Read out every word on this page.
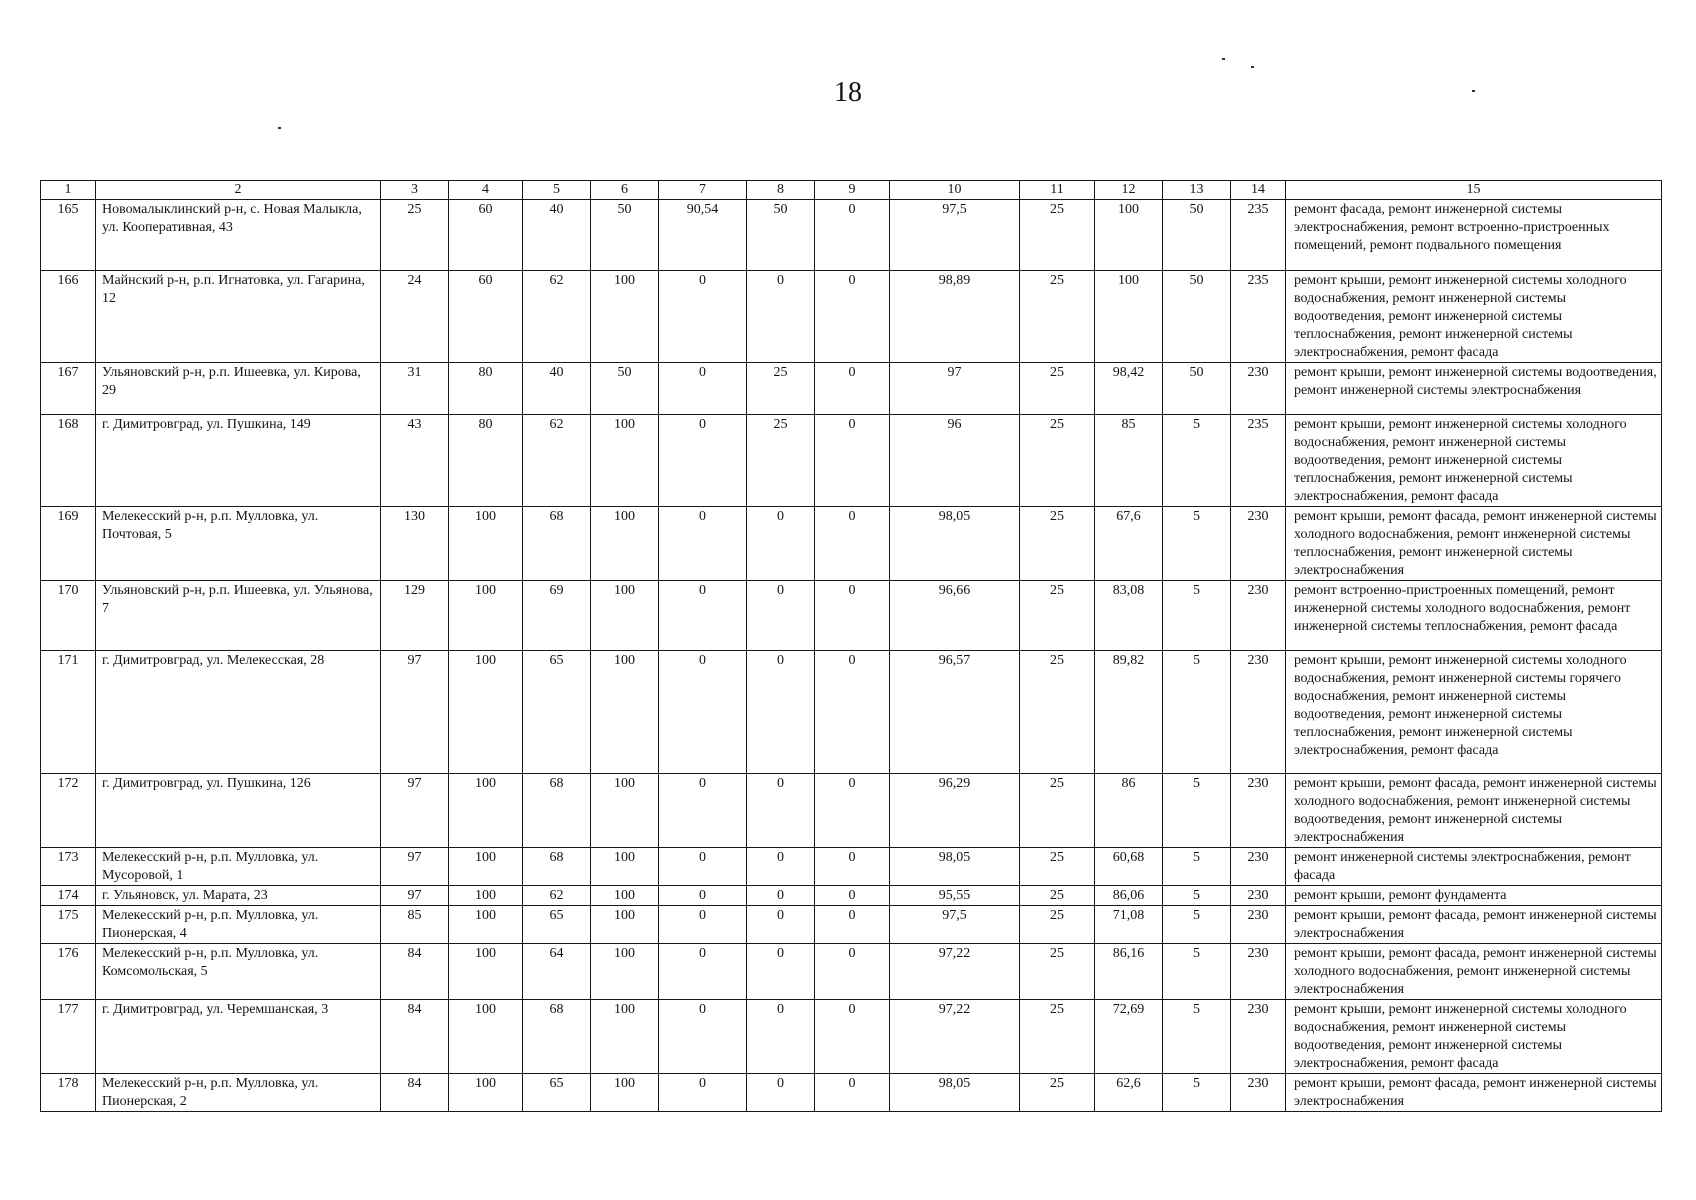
18
1	2	3	4	5	6	7	8	9	10	11	12	13	14	15
165	Новомалыклинский р-н, с. Новая Малыкла, ул. Кооперативная, 43	25	60	40	50	90,54	50	0	97,5	25	100	50	235	ремонт фасада, ремонт инженерной системы электроснабжения, ремонт встроенно-пристроенных помещений, ремонт подвального помещения
166	Майнский р-н, р.п. Игнатовка, ул. Гагарина, 12	24	60	62	100	0	0	0	98,89	25	100	50	235	ремонт крыши, ремонт инженерной системы холодного водоснабжения, ремонт инженерной системы водоотведения, ремонт инженерной системы теплоснабжения, ремонт инженерной системы электроснабжения, ремонт фасада
167	Ульяновский р-н, р.п. Ишеевка, ул. Кирова, 29	31	80	40	50	0	25	0	97	25	98,42	50	230	ремонт крыши, ремонт инженерной системы водоотведения, ремонт инженерной системы электроснабжения
168	г. Димитровград, ул. Пушкина, 149	43	80	62	100	0	25	0	96	25	85	5	235	ремонт крыши, ремонт инженерной системы холодного водоснабжения, ремонт инженерной системы водоотведения, ремонт инженерной системы теплоснабжения, ремонт инженерной системы электроснабжения, ремонт фасада
169	Мелекесский р-н, р.п. Мулловка, ул. Почтовая, 5	130	100	68	100	0	0	0	98,05	25	67,6	5	230	ремонт крыши, ремонт фасада, ремонт инженерной системы холодного водоснабжения, ремонт инженерной системы теплоснабжения, ремонт инженерной системы электроснабжения
170	Ульяновский р-н, р.п. Ишеевка, ул. Ульянова, 7	129	100	69	100	0	0	0	96,66	25	83,08	5	230	ремонт встроенно-пристроенных помещений, ремонт инженерной системы холодного водоснабжения, ремонт инженерной системы теплоснабжения, ремонт фасада
171	г. Димитровград, ул. Мелекесская, 28	97	100	65	100	0	0	0	96,57	25	89,82	5	230	ремонт крыши, ремонт инженерной системы холодного водоснабжения, ремонт инженерной системы горячего водоснабжения, ремонт инженерной системы водоотведения, ремонт инженерной системы теплоснабжения, ремонт инженерной системы электроснабжения, ремонт фасада
172	г. Димитровград, ул. Пушкина, 126	97	100	68	100	0	0	0	96,29	25	86	5	230	ремонт крыши, ремонт фасада, ремонт инженерной системы холодного водоснабжения, ремонт инженерной системы водоотведения, ремонт инженерной системы электроснабжения
173	Мелекесский р-н, р.п. Мулловка, ул. Мусоровой, 1	97	100	68	100	0	0	0	98,05	25	60,68	5	230	ремонт инженерной системы электроснабжения, ремонт фасада
174	г. Ульяновск, ул. Марата, 23	97	100	62	100	0	0	0	95,55	25	86,06	5	230	ремонт крыши, ремонт фундамента
175	Мелекесский р-н, р.п. Мулловка, ул. Пионерская, 4	85	100	65	100	0	0	0	97,5	25	71,08	5	230	ремонт крыши, ремонт фасада, ремонт инженерной системы электроснабжения
176	Мелекесский р-н, р.п. Мулловка, ул. Комсомольская, 5	84	100	64	100	0	0	0	97,22	25	86,16	5	230	ремонт крыши, ремонт фасада, ремонт инженерной системы холодного водоснабжения, ремонт инженерной системы электроснабжения
177	г. Димитровград, ул. Черемшанская, 3	84	100	68	100	0	0	0	97,22	25	72,69	5	230	ремонт крыши, ремонт инженерной системы холодного водоснабжения, ремонт инженерной системы водоотведения, ремонт инженерной системы электроснабжения, ремонт фасада
178	Мелекесский р-н, р.п. Мулловка, ул. Пионерская, 2	84	100	65	100	0	0	0	98,05	25	62,6	5	230	ремонт крыши, ремонт фасада, ремонт инженерной системы электроснабжения
